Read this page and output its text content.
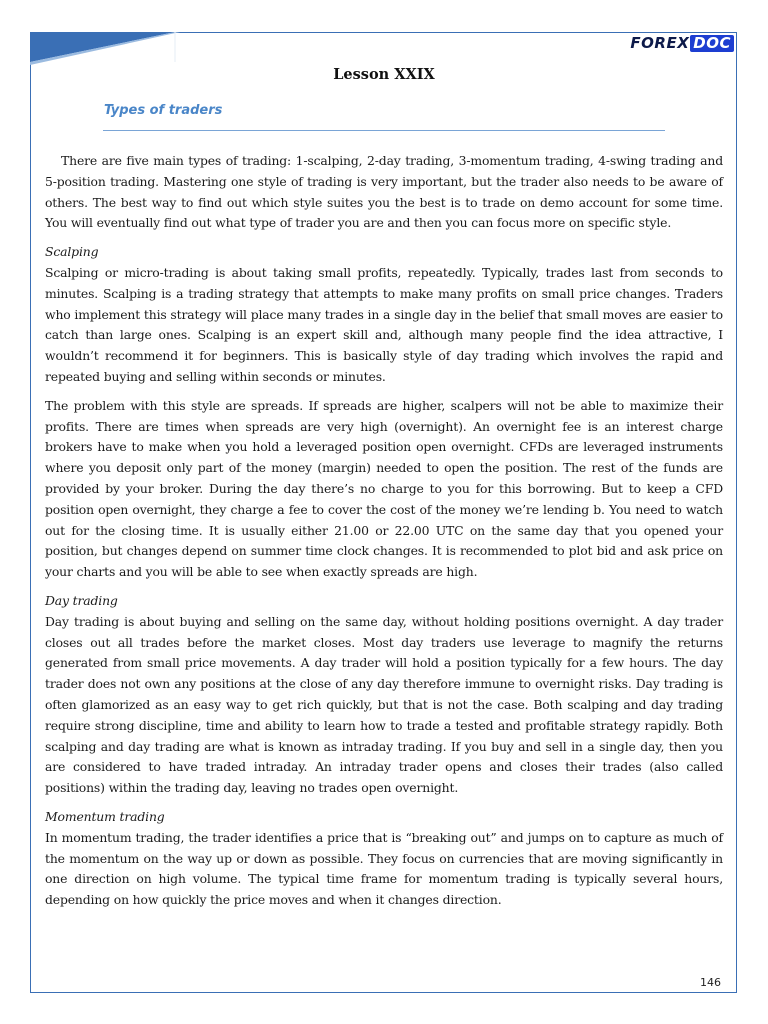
FOREX DOC
Lesson XXIX
Types of traders

There are five main types of trading: 1-scalping, 2-day trading, 3-momentum trading, 4-swing trading and 5-position trading. Mastering one style of trading is very important, but the trader also needs to be aware of others. The best way to find out which style suites you the best is to trade on demo account for some time. You will eventually find out what type of trader you are and then you can focus more on specific style.

Scalping

Scalping or micro-trading is about taking small profits, repeatedly. Typically, trades last from seconds to minutes. Scalping is a trading strategy that attempts to make many profits on small price changes. Traders who implement this strategy will place many trades in a single day in the belief that small moves are easier to catch than large ones. Scalping is an expert skill and, although many people find the idea attractive, I wouldn’t recommend it for beginners. This is basically style of day trading which involves the rapid and repeated buying and selling within seconds or minutes.

The problem with this style are spreads. If spreads are higher, scalpers will not be able to maximize their profits. There are times when spreads are very high (overnight). An overnight fee is an interest charge brokers have to make when you hold a leveraged position open overnight. CFDs are leveraged instruments where you deposit only part of the money (margin) needed to open the position. The rest of the funds are provided by your broker. During the day there’s no charge to you for this borrowing. But to keep a CFD position open overnight, they charge a fee to cover the cost of the money we’re lending b. You need to watch out for the closing time. It is usually either 21.00 or 22.00 UTC on the same day that you opened your position, but changes depend on summer time clock changes. It is recommended to plot bid and ask price on your charts and you will be able to see when exactly spreads are high.

Day trading

Day trading is about buying and selling on the same day, without holding positions overnight. A day trader closes out all trades before the market closes. Most day traders use leverage to magnify the returns generated from small price movements. A day trader will hold a position typically for a few hours. The day trader does not own any positions at the close of any day therefore immune to overnight risks. Day trading is often glamorized as an easy way to get rich quickly, but that is not the case. Both scalping and day trading require strong discipline, time and ability to learn how to trade a tested and profitable strategy rapidly. Both scalping and day trading are what is known as intraday trading. If you buy and sell in a single day, then you are considered to have traded intraday. An intraday trader opens and closes their trades (also called positions) within the trading day, leaving no trades open overnight.

Momentum trading

In momentum trading, the trader identifies a price that is “breaking out” and jumps on to capture as much of the momentum on the way up or down as possible. They focus on currencies that are moving significantly in one direction on high volume. The typical time frame for momentum trading is typically several hours, depending on how quickly the price moves and when it changes direction.

146
